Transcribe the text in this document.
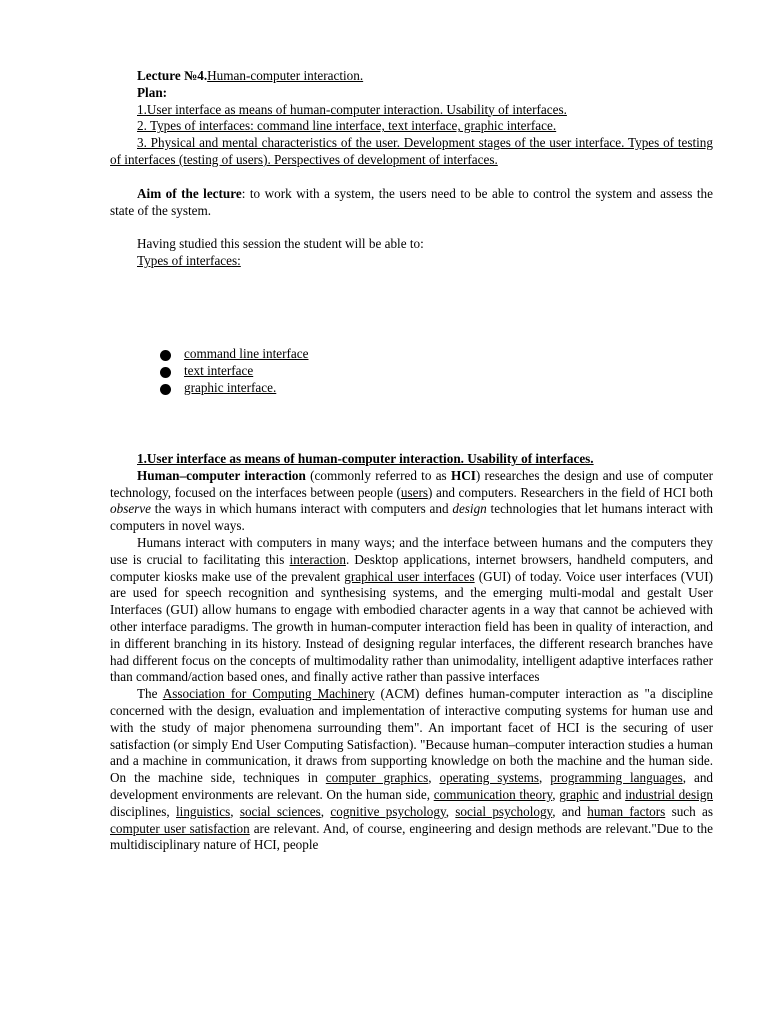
Lecture №4.Human-computer interaction.

Plan:

1.User interface as means of human-computer interaction. Usability of interfaces.

2. Types of interfaces: command line interface, text interface, graphic interface.

3. Physical and mental characteristics of the user. Development stages of the user interface. Types of testing of interfaces (testing of users). Perspectives of development of interfaces.

Aim of the lecture: to work with a system, the users need to be able to control the system and assess the state of the system.

Having studied this session the student will be able to:

Types of interfaces:

command line interface
text interface
graphic interface.

1.User interface as means of human-computer interaction. Usability of interfaces.

Human–computer interaction (commonly referred to as HCI) researches the design and use of computer technology, focused on the interfaces between people (users) and computers. Researchers in the field of HCI both observe the ways in which humans interact with computers and design technologies that let humans interact with computers in novel ways.

Humans interact with computers in many ways; and the interface between humans and the computers they use is crucial to facilitating this interaction. Desktop applications, internet browsers, handheld computers, and computer kiosks make use of the prevalent graphical user interfaces (GUI) of today. Voice user interfaces (VUI) are used for speech recognition and synthesising systems, and the emerging multi-modal and gestalt User Interfaces (GUI) allow humans to engage with embodied character agents in a way that cannot be achieved with other interface paradigms. The growth in human-computer interaction field has been in quality of interaction, and in different branching in its history. Instead of designing regular interfaces, the different research branches have had different focus on the concepts of multimodality rather than unimodality, intelligent adaptive interfaces rather than command/action based ones, and finally active rather than passive interfaces

The Association for Computing Machinery (ACM) defines human-computer interaction as "a discipline concerned with the design, evaluation and implementation of interactive computing systems for human use and with the study of major phenomena surrounding them". An important facet of HCI is the securing of user satisfaction (or simply End User Computing Satisfaction). "Because human–computer interaction studies a human and a machine in communication, it draws from supporting knowledge on both the machine and the human side. On the machine side, techniques in computer graphics, operating systems, programming languages, and development environments are relevant. On the human side, communication theory, graphic and industrial design disciplines, linguistics, social sciences, cognitive psychology, social psychology, and human factors such as computer user satisfaction are relevant. And, of course, engineering and design methods are relevant."Due to the multidisciplinary nature of HCI, people
